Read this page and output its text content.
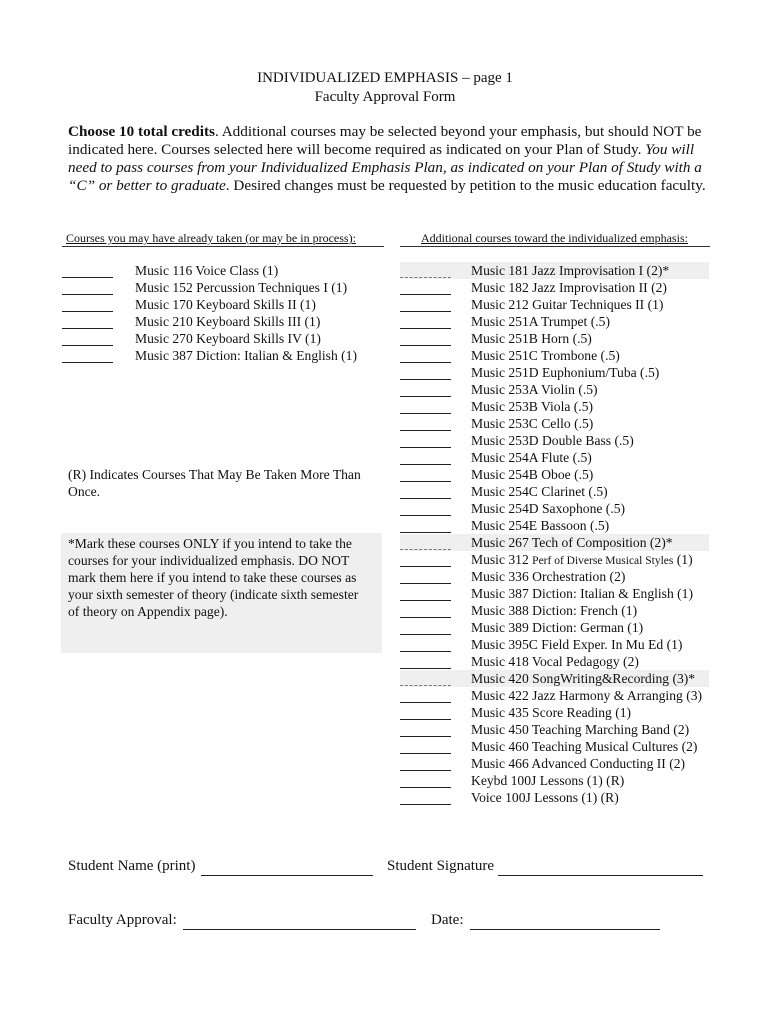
INDIVIDUALIZED EMPHASIS – page 1
Faculty Approval Form
Choose 10 total credits. Additional courses may be selected beyond your emphasis, but should NOT be indicated here. Courses selected here will become required as indicated on your Plan of Study. You will need to pass courses from your Individualized Emphasis Plan, as indicated on your Plan of Study with a “C” or better to graduate. Desired changes must be requested by petition to the music education faculty.
Courses you may have already taken (or may be in process):	Additional courses toward the individualized emphasis:
Music 116 Voice Class (1)
Music 152 Percussion Techniques I (1)
Music 170 Keyboard Skills II (1)
Music 210 Keyboard Skills III (1)
Music 270 Keyboard Skills IV (1)
Music 387 Diction: Italian & English (1)
Music 181 Jazz Improvisation I (2)*
Music 182 Jazz Improvisation II (2)
Music 212 Guitar Techniques II (1)
Music 251A Trumpet (.5)
Music 251B Horn (.5)
Music 251C Trombone (.5)
Music 251D Euphonium/Tuba (.5)
Music 253A Violin (.5)
Music 253B Viola (.5)
Music 253C Cello (.5)
Music 253D Double Bass (.5)
Music 254A Flute (.5)
Music 254B Oboe (.5)
Music 254C Clarinet (.5)
Music 254D Saxophone (.5)
Music 254E Bassoon (.5)
Music 267 Tech of Composition (2)*
Music 312 Perf of Diverse Musical Styles (1)
Music 336 Orchestration (2)
Music 387 Diction: Italian & English (1)
Music 388 Diction: French (1)
Music 389 Diction: German (1)
Music 395C Field Exper. In Mu Ed (1)
Music 418 Vocal Pedagogy (2)
Music 420 SongWriting&Recording (3)*
Music 422 Jazz Harmony & Arranging (3)
Music 435 Score Reading (1)
Music 450 Teaching Marching Band (2)
Music 460 Teaching Musical Cultures (2)
Music 466 Advanced Conducting II (2)
Keybd 100J Lessons (1) (R)
Voice 100J Lessons (1) (R)
(R) Indicates Courses That May Be Taken More Than Once.
*Mark these courses ONLY if you intend to take the courses for your individualized emphasis. DO NOT mark them here if you intend to take these courses as your sixth semester of theory (indicate sixth semester of theory on Appendix page).
Student Name (print)	Student Signature
Faculty Approval:	Date:
